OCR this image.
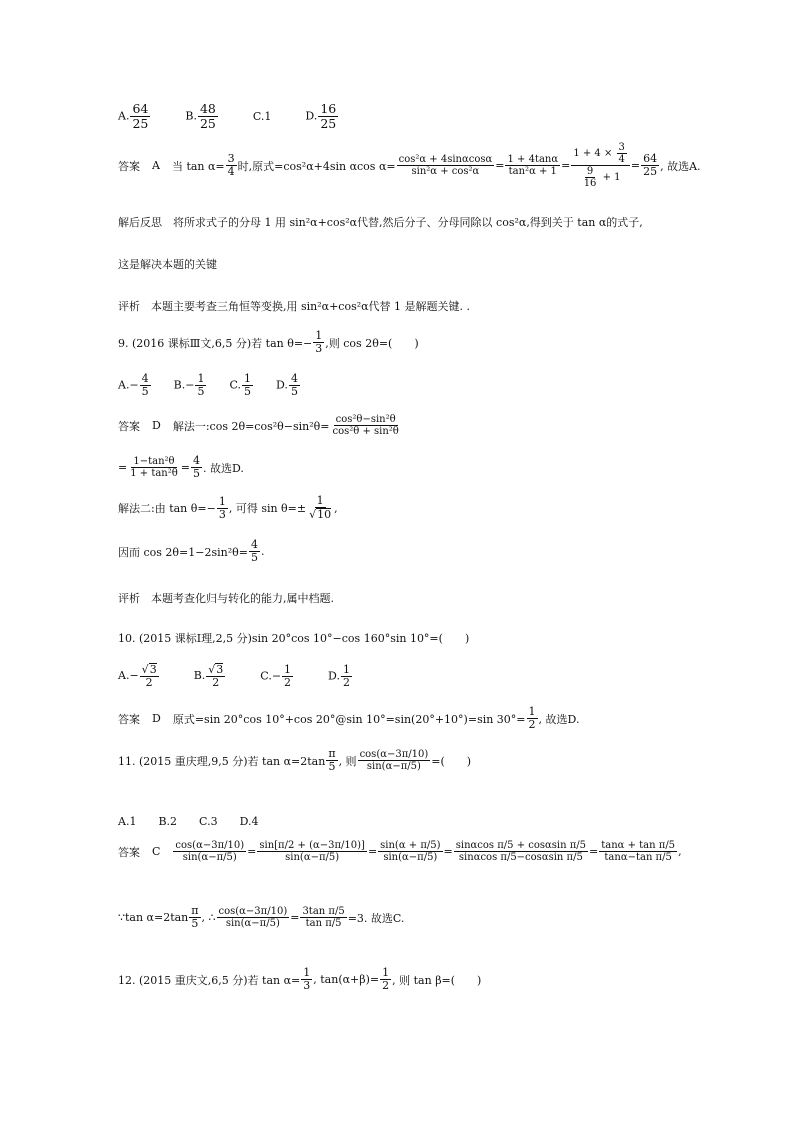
A. $\frac{64}{25}$	B. $\frac{48}{25}$	C.1	D. $\frac{16}{25}$
答案 A 当 $\tan \alpha= \frac{3}{4}$ 时,原式=cos²α+4sin αcos $\alpha= \frac{\text{cos²α + 4sinαcosα}}{\text{sin²α + cos²α}} = \frac{1 + 4\tan\alpha}{\text{tan²α + 1}} = \frac{1 + 4 \times \frac{3}{4}}{\frac{9}{16} + 1} = \frac{64}{25}$ , 故选A.
解后反思　将所求式子的分母 1 用 sin²α+cos²α代替,然后分子、分母同除以 cos²α,得到关于 tan α的式子,
这是解决本题的关键
评析　本题主要考查三角恒等变换,用 sin²α+cos²α代替 1 是解题关键. .
9. (2016 课标Ⅲ文,6,5 分)若 $\tan \theta=- \frac{1}{3}$ ,则 cos 2θ=(　　)
$A.- \frac{4}{5} B.- \frac{1}{5} C$. $\frac{1}{5} D$. $\frac{4}{5}$
答案 D 解法一:cos $2\theta=\cos^2\theta-\sin^2\theta= \frac{\text{cos²θ−sin²θ}}{\text{cos²θ + sin²θ}}$
= $\frac{\text{1−tan²θ}}{\text{1 + tan²θ}} = \frac{4}{5}$ . 故选D.
解法二:由 $\tan \theta=- \frac{1}{3}$ , 可得 $\sin \theta=\pm \frac{1}{√10}$ ,
因而 $\cos 2\theta=1-2\sin^2\theta= \frac{4}{5}$ .
评析　本题考查化归与转化的能力,属中档题.
10. (2015 课标Ⅰ理,2,5 分)sin 20°cos 10°−cos 160°sin 10°=(　　)
$A.- \frac{√3}{2}$	B. $\frac{√3}{2}$	$C.- \frac{1}{2}$	D. $\frac{1}{2}$
答案 D 原式=sin 20°cos 10°+cos 20°@sin 10°=sin(20°+10°)=sin $30^\circ= \frac{1}{2}$ , 故选D.
11. (2015 重庆理,9,5 分)若 tan α=2tan
π
5 , 则 $\frac{\cos(\alpha-3\pi/10)}{\sin(\alpha-\pi/5)}$ =(　　)
A.1 B.2 C.3 D.4
答案 C $\frac{\cos(\alpha-3\pi/10)}{\sin(\alpha-\pi/5)} = \frac{\sin[\pi/2 + (\alpha-3\pi/10)]}{\sin(\alpha-\pi/5)} = \frac{\sin(\alpha + \pi/5)}{\sin(\alpha-\pi/5)} = \frac{\text{sinαcos π/5 + cosαsin π/5}}{\text{sinαcos π/5−cosαsin π/5}} = \frac{\text{tanα + tan π/5}}{\text{tanα−tan π/5}}$ ,
∵tan α=2tan
π
5 , ∴ $\frac{\cos(\alpha-3\pi/10)}{\sin(\alpha-\pi/5)} = \frac{\text{3tan π/5}}{\text{tan π/5}} =3$. 故选C.
12. (2015 重庆文,6,5 分)若 $\tan \alpha= \frac{1}{3}$ , $\tan(\alpha+\beta)= \frac{1}{2}$ , 则 tan β=(　　)
